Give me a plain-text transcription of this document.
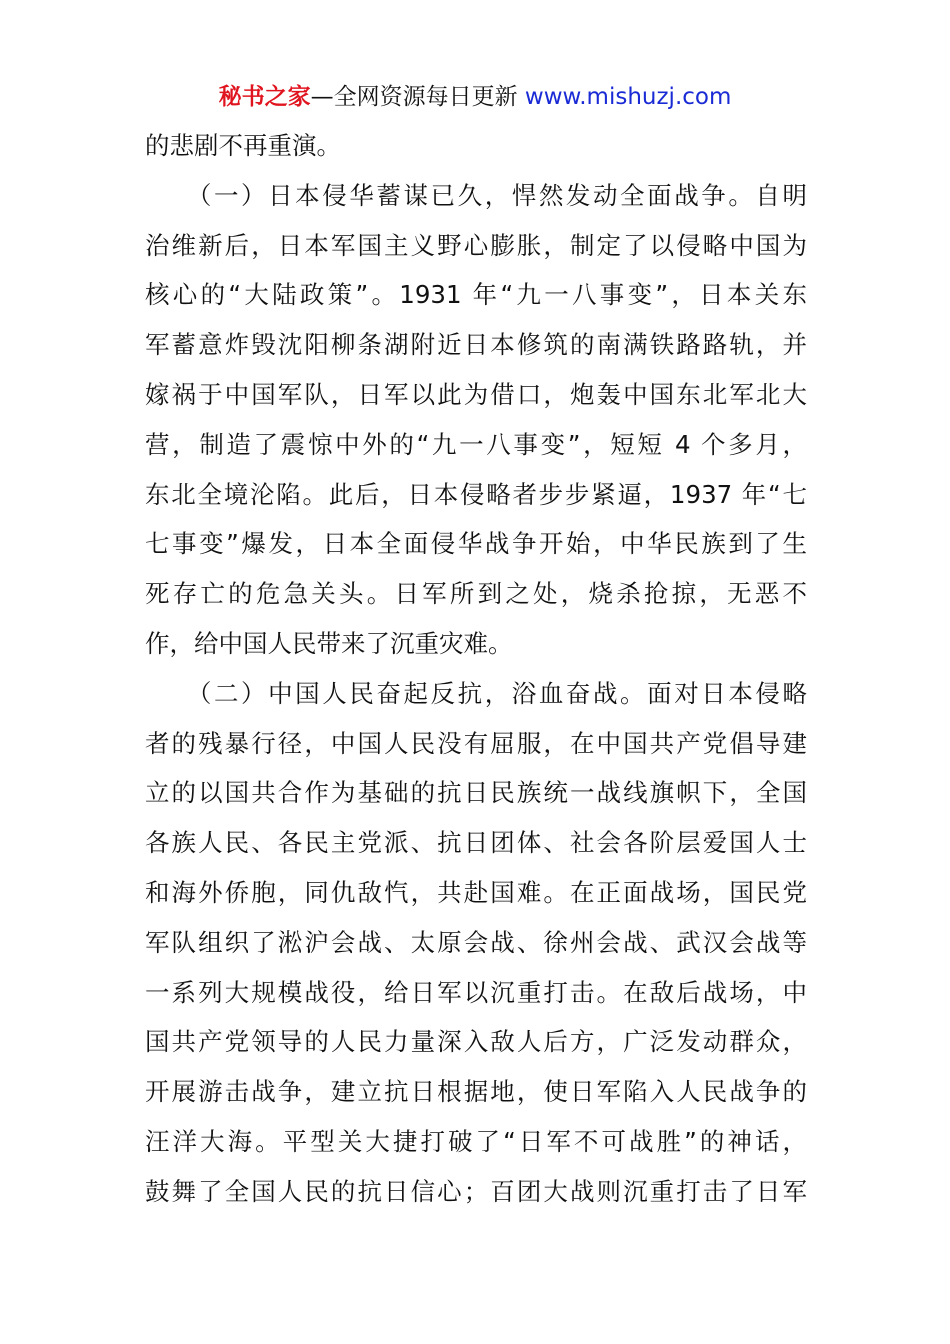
秘书之家—全网资源每日更新 www.mishuzj.com
的悲剧不再重演。
　　（一）日本侵华蓄谋已久，悍然发动全面战争。自明
治维新后，日本军国主义野心膨胀，制定了以侵略中国为
核心的“大陆政策”。1931 年“九一八事变”，日本关东
军蓄意炸毁沈阳柳条湖附近日本修筑的南满铁路路轨，并
嫁祸于中国军队，日军以此为借口，炮轰中国东北军北大
营，制造了震惊中外的“九一八事变”，短短 4 个多月，
东北全境沦陷。此后，日本侵略者步步紧逼，1937 年“七
七事变”爆发，日本全面侵华战争开始，中华民族到了生
死存亡的危急关头。日军所到之处，烧杀抢掠，无恶不
作，给中国人民带来了沉重灾难。
　　（二）中国人民奋起反抗，浴血奋战。面对日本侵略
者的残暴行径，中国人民没有屈服，在中国共产党倡导建
立的以国共合作为基础的抗日民族统一战线旗帜下，全国
各族人民、各民主党派、抗日团体、社会各阶层爱国人士
和海外侨胞，同仇敌忾，共赴国难。在正面战场，国民党
军队组织了淞沪会战、太原会战、徐州会战、武汉会战等
一系列大规模战役，给日军以沉重打击。在敌后战场，中
国共产党领导的人民力量深入敌人后方，广泛发动群众，
开展游击战争，建立抗日根据地，使日军陷入人民战争的
汪洋大海。平型关大捷打破了“日军不可战胜”的神话，
鼓舞了全国人民的抗日信心；百团大战则沉重打击了日军
